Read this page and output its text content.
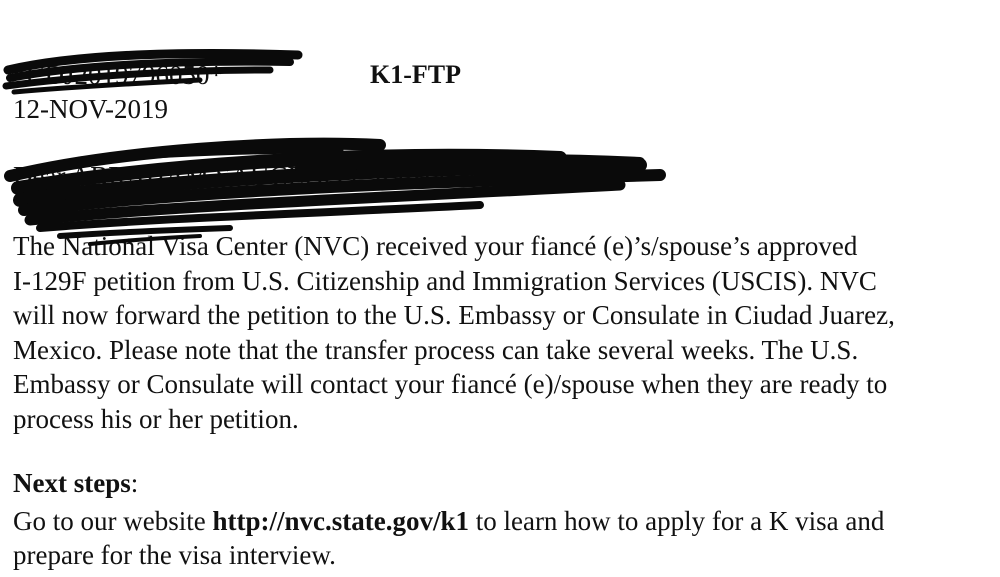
*CDJ2019796050*	K1-FTP
12-NOV-2019
Dear ABRAHAM SAUCEDO ESPINOSA,
The National Visa Center (NVC) received your fiancé (e)’s/spouse’s approved
I-129F petition from U.S. Citizenship and Immigration Services (USCIS). NVC
will now forward the petition to the U.S. Embassy or Consulate in Ciudad Juarez,
Mexico. Please note that the transfer process can take several weeks. The U.S.
Embassy or Consulate will contact your fiancé (e)/spouse when they are ready to
process his or her petition.
Next steps:
Go to our website http://nvc.state.gov/k1 to learn how to apply for a K visa and
prepare for the visa interview.
